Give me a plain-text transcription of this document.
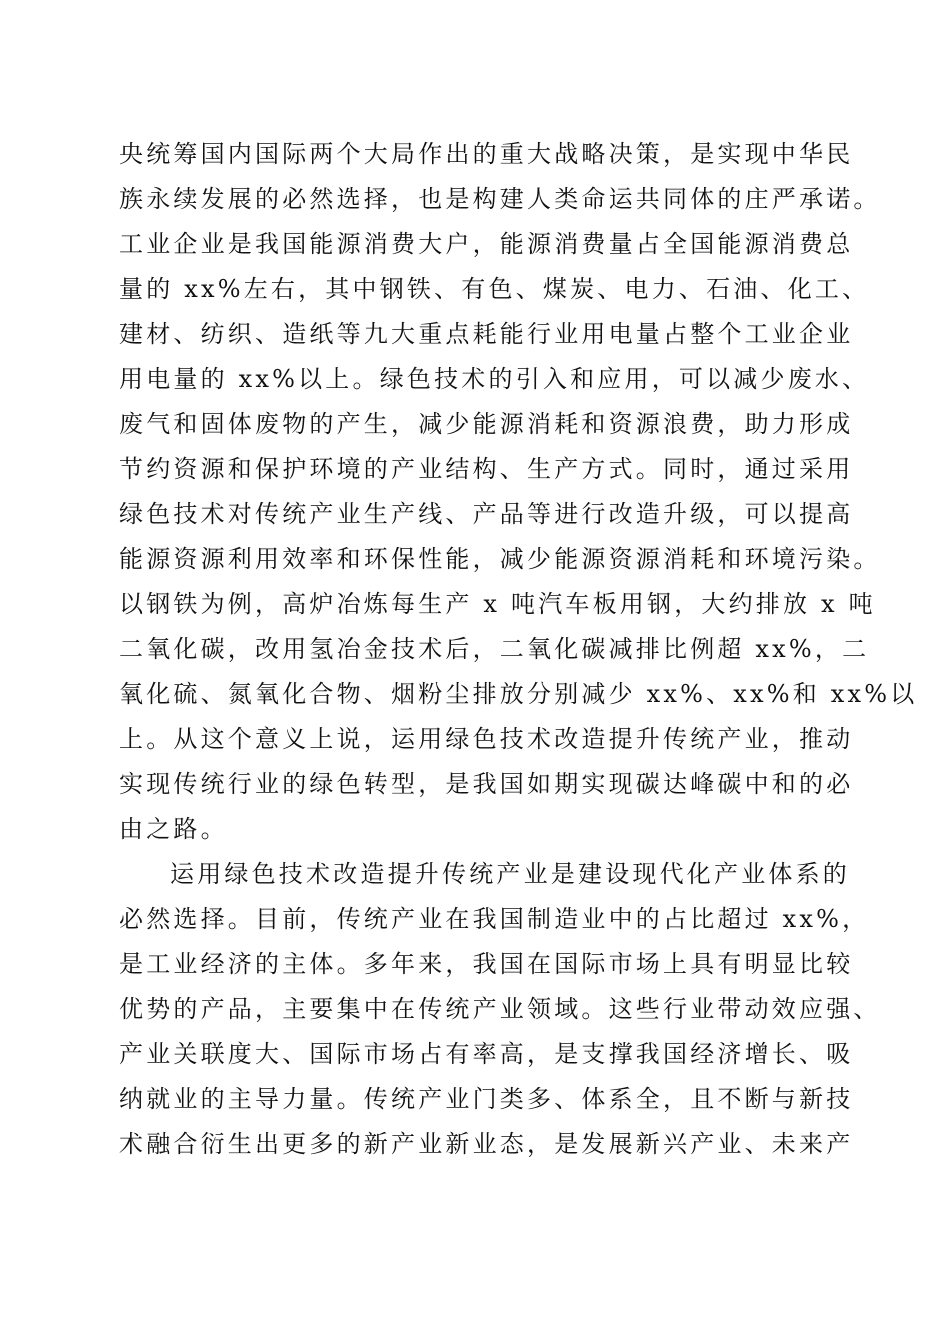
央统筹国内国际两个大局作出的重大战略决策，是实现中华民
族永续发展的必然选择，也是构建人类命运共同体的庄严承诺。
工业企业是我国能源消费大户，能源消费量占全国能源消费总
量的 xx%左右，其中钢铁、有色、煤炭、电力、石油、化工、
建材、纺织、造纸等九大重点耗能行业用电量占整个工业企业
用电量的 xx%以上。绿色技术的引入和应用，可以减少废水、
废气和固体废物的产生，减少能源消耗和资源浪费，助力形成
节约资源和保护环境的产业结构、生产方式。同时，通过采用
绿色技术对传统产业生产线、产品等进行改造升级，可以提高
能源资源利用效率和环保性能，减少能源资源消耗和环境污染。
以钢铁为例，高炉冶炼每生产 x 吨汽车板用钢，大约排放 x 吨
二氧化碳，改用氢冶金技术后，二氧化碳减排比例超 xx%，二
氧化硫、氮氧化合物、烟粉尘排放分别减少 xx%、xx%和 xx%以
上。从这个意义上说，运用绿色技术改造提升传统产业，推动
实现传统行业的绿色转型，是我国如期实现碳达峰碳中和的必
由之路。
运用绿色技术改造提升传统产业是建设现代化产业体系的
必然选择。目前，传统产业在我国制造业中的占比超过 xx%，
是工业经济的主体。多年来，我国在国际市场上具有明显比较
优势的产品，主要集中在传统产业领域。这些行业带动效应强、
产业关联度大、国际市场占有率高，是支撑我国经济增长、吸
纳就业的主导力量。传统产业门类多、体系全，且不断与新技
术融合衍生出更多的新产业新业态，是发展新兴产业、未来产
